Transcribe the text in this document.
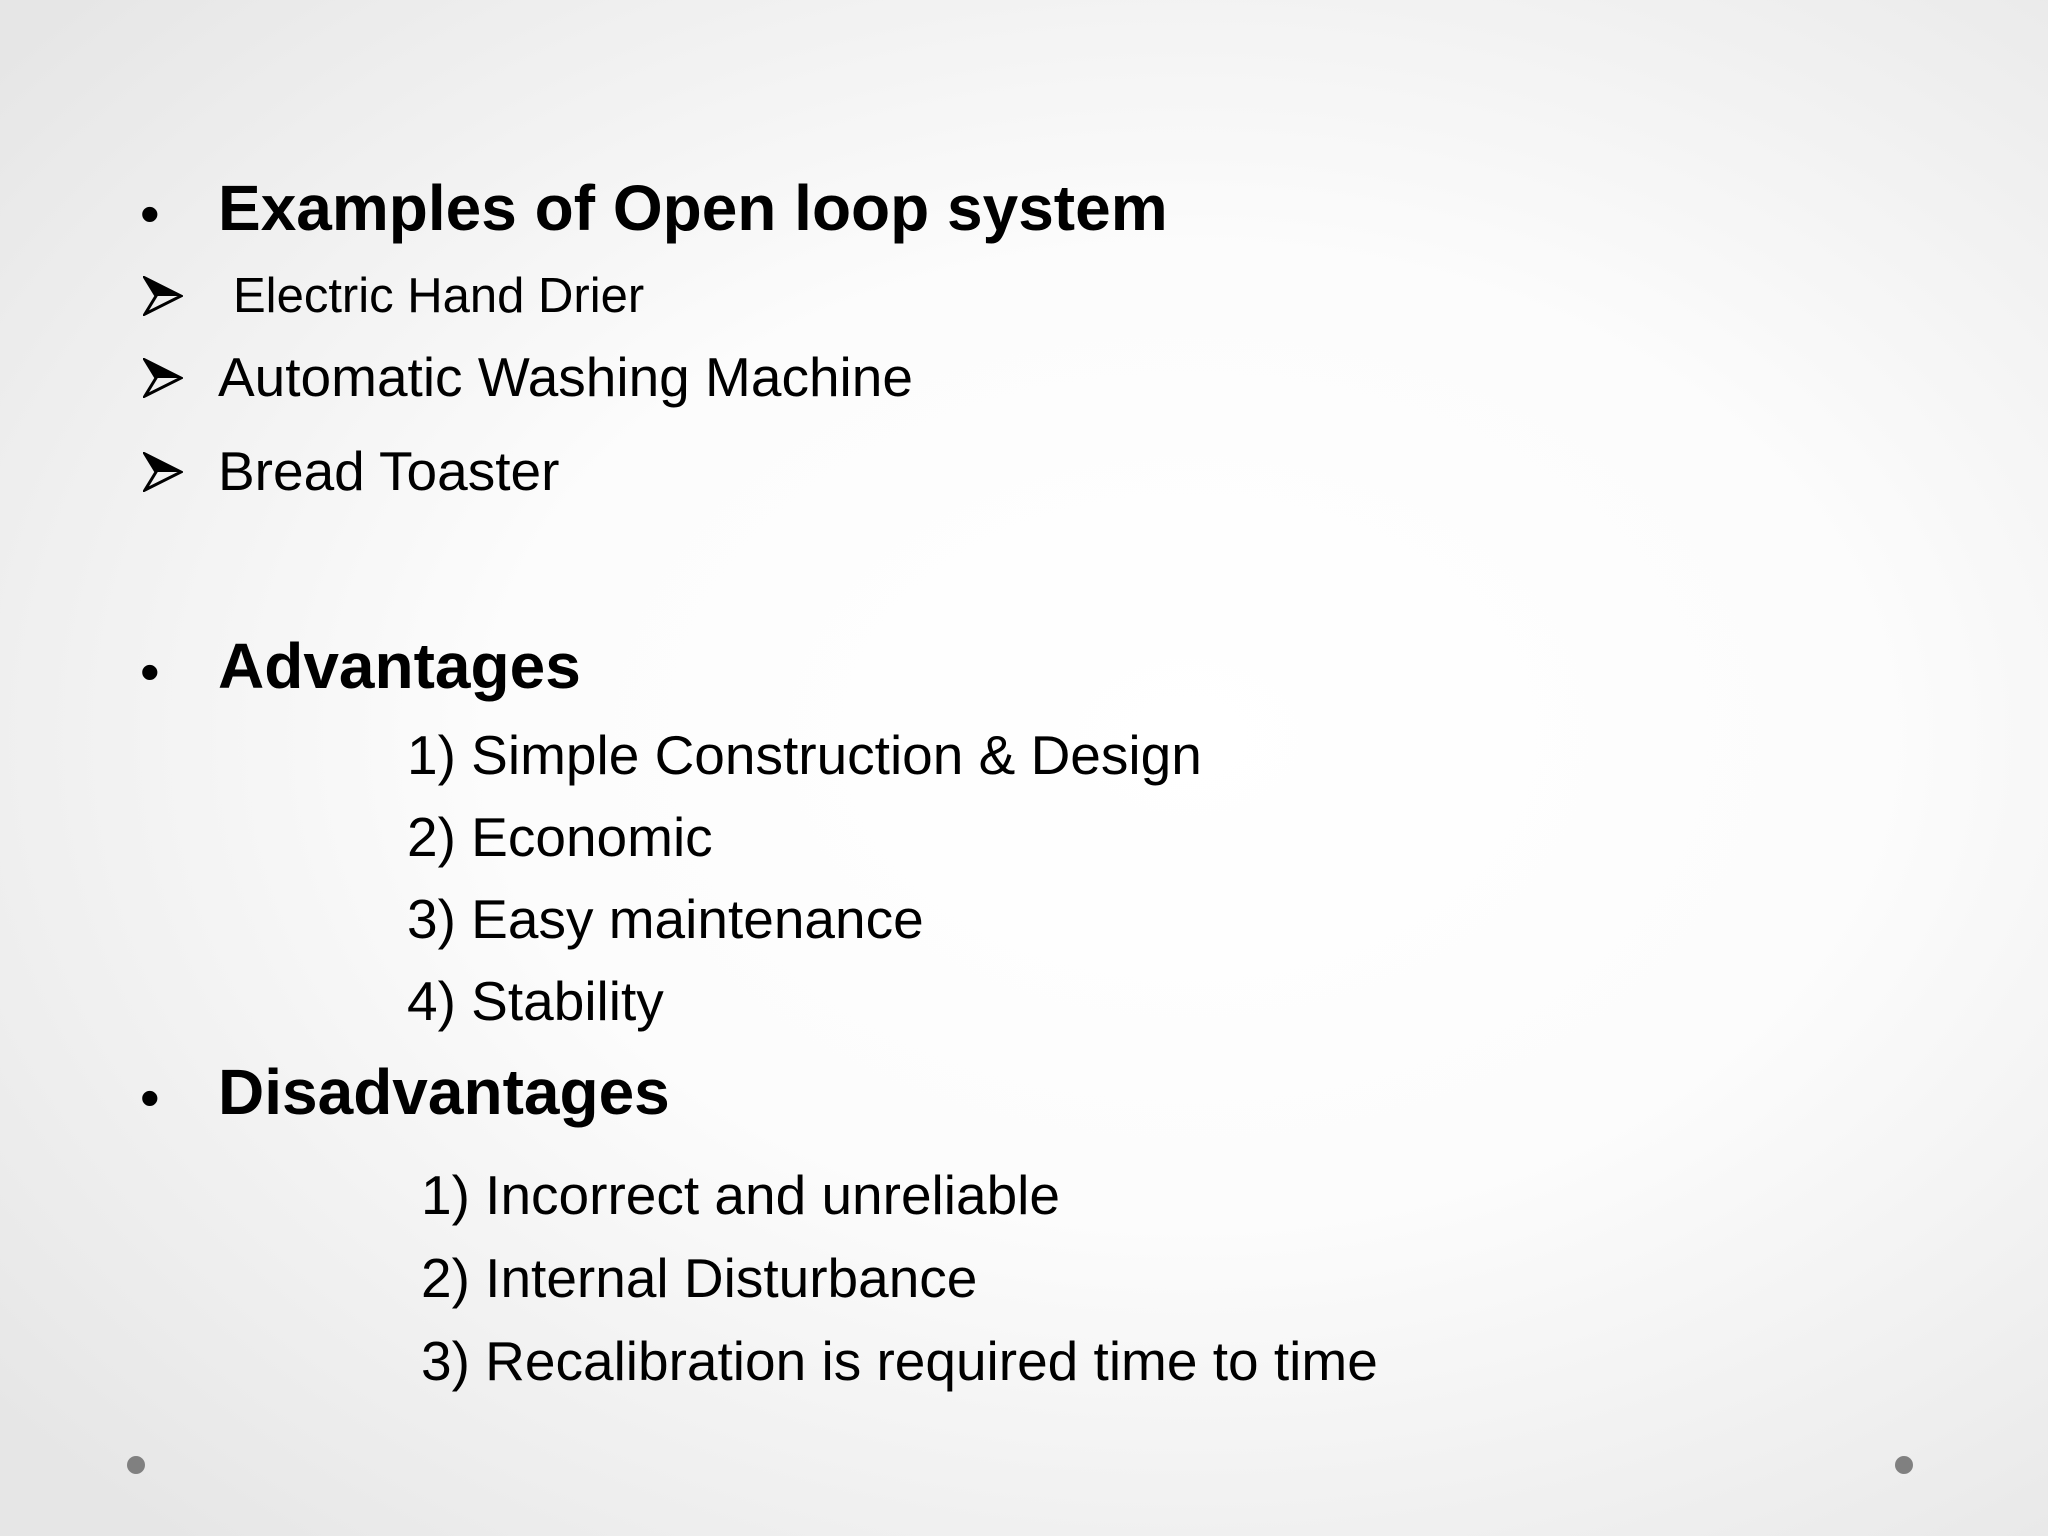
• Examples of Open loop system
Electric Hand Drier
Automatic Washing Machine
Bread Toaster
• Advantages
1) Simple Construction & Design
2) Economic
3) Easy maintenance
4) Stability
• Disadvantages
1) Incorrect and unreliable
2) Internal Disturbance
3) Recalibration is required time to time
